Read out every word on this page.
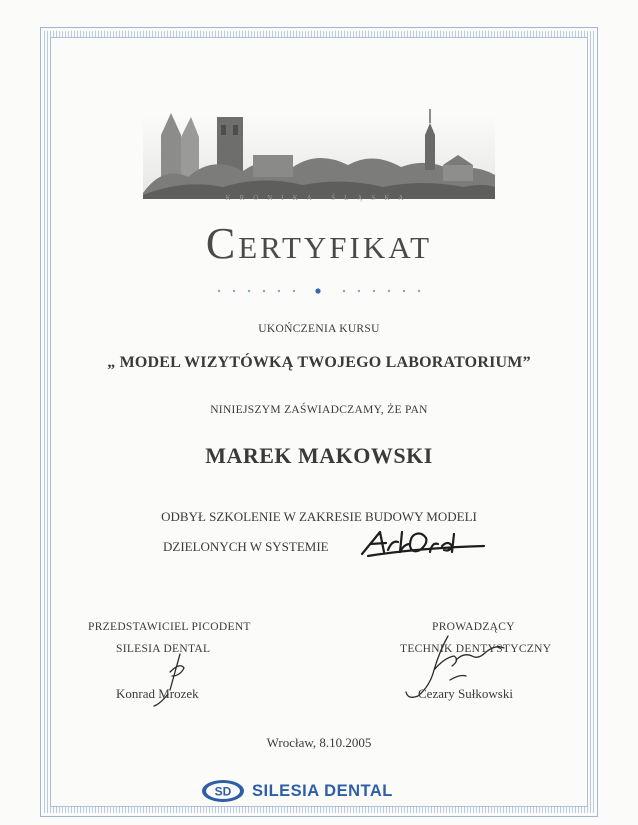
KRONIKA ŚLĄSKA
Certyfikat
UKOŃCZENIA KURSU
„ MODEL WIZYTÓWKĄ TWOJEGO LABORATORIUM”
NINIEJSZYM ZAŚWIADCZAMY, ŻE PAN
MAREK MAKOWSKI
ODBYŁ SZKOLENIE W ZAKRESIE BUDOWY MODELI
DZIELONYCH W SYSTEMIE
PRZEDSTAWICIEL PICODENT
SILESIA DENTAL
Konrad Mrozek
PROWADZĄCY
TECHNIK DENTYSTYCZNY
Cezary Sułkowski
Wrocław, 8.10.2005
SD SILESIA DENTAL
